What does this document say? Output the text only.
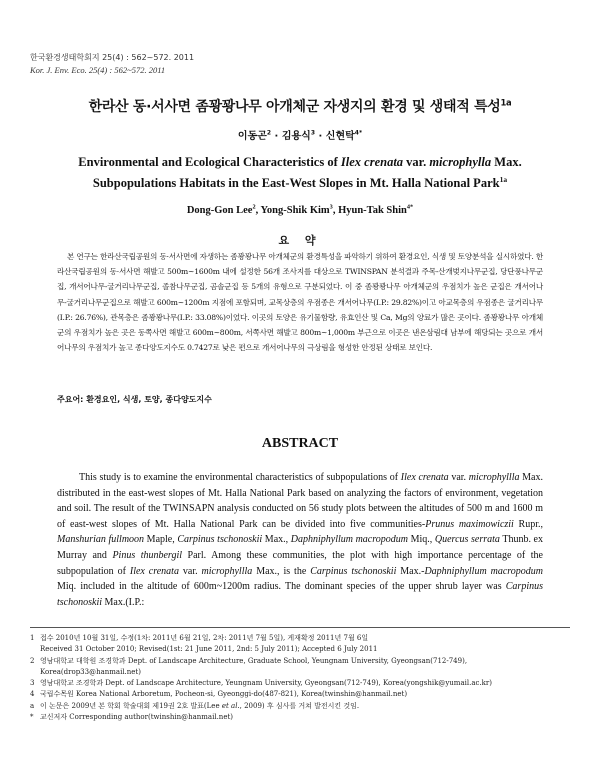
한국환경생태학회지 25(4) : 562~572. 2011
Kor. J. Env. Eco. 25(4) : 562~572. 2011
한라산 동·서사면 좀꽝꽝나무 아개체군 자생지의 환경 및 생태적 특성$^{1a}$
이동곤$^2$ · 김용식$^3$ · 신현탁$^{4*}$
Environmental and Ecological Characteristics of Ilex crenata var. microphylla Max. Subpopulations Habitats in the East-West Slopes in Mt. Halla National Park$^{1a}$
Dong-Gon Lee$^2$, Yong-Shik Kim$^3$, Hyun-Tak Shin$^{4*}$
요 약

본 연구는 한라산국립공원의 동·서사면에 자생하는 좀꽝꽝나무 아개체군의 환경특성을 파악하기 위하여 환경요인, 식생 및 토양분석을 실시하였다. 한라산국립공원의 동·서사면 해발고 500m~1600m 내에 설정한 56개 조사지를 대상으로 TWINSPAN 분석결과 주목-산개벚지나무군집, 당단풍나무군집, 개서어나무-굴거리나무군집, 졸참나무군집, 곰솔군집 등 5개의 유형으로 구분되었다. 이 중 좀꽝꽝나무 아개체군의 우점치가 높은 군집은 개서어나무-굴거리나무군집으로 해발고 600m~1200m 지점에 포함되며, 교목상층의 우점종은 개서어나무(I.P.: 29.82%)이고 아교목층의 우점종은 굴거리나무(I.P.: 26.76%), 관목층은 좀꽝꽝나무(I.P.: 33.08%)이었다. 이곳의 토양은 유기물함량, 유효인산 및 Ca, Mg의 양료가 많은 곳이다. 좀꽝꽝나무 아개체군의 우점치가 높은 곳은 동쪽사면 해발고 600m~800m, 서쪽사면 해발고 800m~1,000m 부근으로 이곳은 낸온삼림대 남부에 해당되는 곳으로 개서어나무의 우점치가 높고 종다양도지수도 0.7427로 낮은 편으로 개서어나무의 극상림을 형성한 안정된 상태로 보인다.

주요어: 환경요인, 식생, 토양, 종다양도지수
ABSTRACT

This study is to examine the environmental characteristics of subpopulations of Ilex crenata var. microphyllla Max. distributed in the east-west slopes of Mt. Halla National Park based on analyzing the factors of environment, vegetation and soil. The result of the TWINSAPN analysis conducted on 56 study plots between the altitudes of 500 m and 1600 m of east-west slopes of Mt. Halla National Park can be divided into five communities-Prunus maximowiczii Rupr., Manshurian fullmoon Maple, Carpinus tschonoskii Max., Daphniphyllum macropodum Miq., Quercus serrata Thunb. ex Murray and Pinus thunbergil Parl. Among these communities, the plot with high importance percentage of the subpopulation of Ilex crenata var. microphyllla Max., is the Carpinus tschonoskii Max.-Daphniphyllum macropodum Miq. included in the altitude of 600m~1200m radius. The dominant species of the upper shrub layer was Carpinus tschonoskii Max.(I.P.:

1 접수 2010년 10월 31일, 수정(1차: 2011년 6월 21일, 2차: 2011년 7월 5일), 게재확정 2011년 7월 6일
Received 31 October 2010; Revised(1st: 21 June 2011, 2nd: 5 July 2011); Accepted 6 July 2011
2 영남대학교 대학원 조경학과 Dept. of Landscape Architecture, Graduate School, Yeungnam University, Gyeongsan(712-749),
Korea(drop33@hanmail.net)
3 영남대학교 조경학과 Dept. of Landscape Architecture, Yeungnam University, Gyeongsan(712-749), Korea(yongshik@yumail.ac.kr)
4 국립수목원 Korea National Arboretum, Pocheon-si, Gyeonggi-do(487-821), Korea(twinshin@hanmail.net)
a 이 논문은 2009년 본 학회 학술대회 제19권 2호 발표(Lee et al., 2009) 후 심사를 거쳐 발전시킨 것임.
* 교신저자 Corresponding author(twinshin@hanmail.net)
